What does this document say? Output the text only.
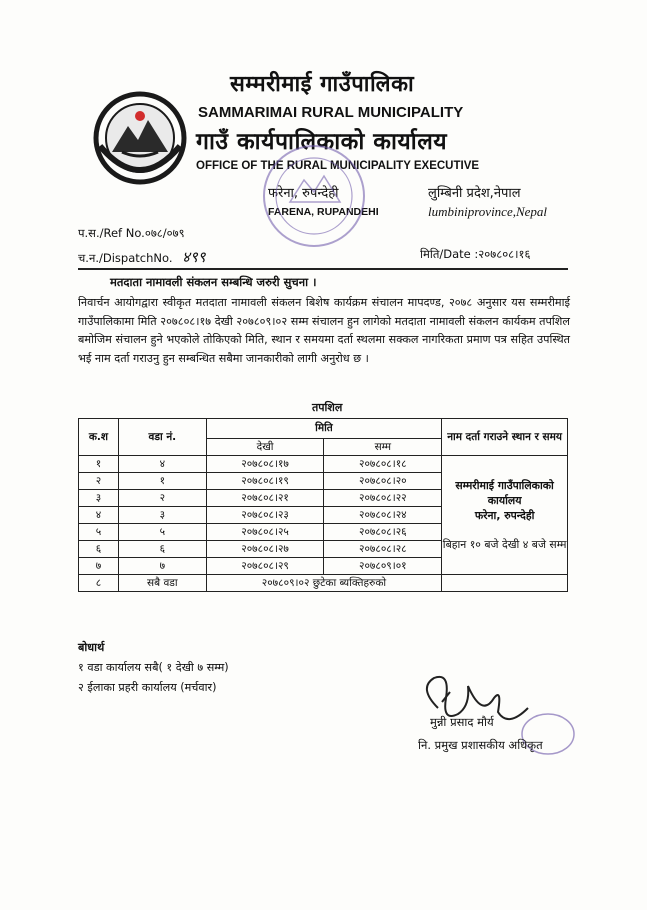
सम्मरीमाई गाउँपालिका
SAMMARIMAI RURAL MUNICIPALITY
गाउँ कार्यपालिकाको कार्यालय
OFFICE OF THE RURAL MUNICIPALITY EXECUTIVE
फरेना, रुपन्देही
FARENA, RUPANDEHI
लुम्बिनी प्रदेश,नेपाल
lumbiniprovince,Nepal
प.स./Ref No.०७८/०७९
च.न./DispatchNo. ४९९	मिति/Date :२०७८०८।१६
मतदाता नामावली संकलन सम्बन्धि जरुरी सुचना ।
निवार्चन आयोगद्वारा स्वीकृत मतदाता नामावली संकलन बिशेष कार्यक्रम संचालन मापदण्ड, २०७८ अनुसार यस सम्मरीमाई गाउँपालिकामा मिति २०७८०८।१७ देखी २०७८०९।०२ सम्म संचालन हुन लागेको मतदाता नामावली संकलन कार्यकम तपशिल बमोजिम संचालन हुने भएकोले तोकिएको मिति, स्थान र समयमा दर्ता स्थलमा सक्कल नागरिकता प्रमाण पत्र सहित उपस्थित भई नाम दर्ता गराउनु हुन सम्बन्धित सबैमा जानकारीको लागी अनुरोध छ ।
तपशिल
क.श	वडा नं.	मिति		नाम दर्ता गराउने स्थान र समय
		देखी	सम्म	
१	४	२०७८०८।१७	२०७८०८।१८	सम्मरीमाई गाउँपालिकाको कार्यालय
फरेना, रुपन्देही
बिहान १० बजे देखी ४ बजे सम्म

२	१	२०७८०८।१९	२०७८०८।२०	
३	२	२०७८०८।२१	२०७८०८।२२	
४	३	२०७८०८।२३	२०७८०८।२४	
५	५	२०७८०८।२५	२०७८०८।२६	
६	६	२०७८०८।२७	२०७८०८।२८	
७	७	२०७८०८।२९	२०७८०९।०१	
८	सबै वडा	२०७८०९।०२ छुटेका ब्यक्तिहरुको		
बोधार्थ
१ वडा कार्यालय सबै( १ देखी ७ सम्म)
२ ईलाका प्रहरी कार्यालय (मर्चवार)
मुन्नी प्रसाद मौर्य
नि. प्रमुख प्रशासकीय अधिकृत
